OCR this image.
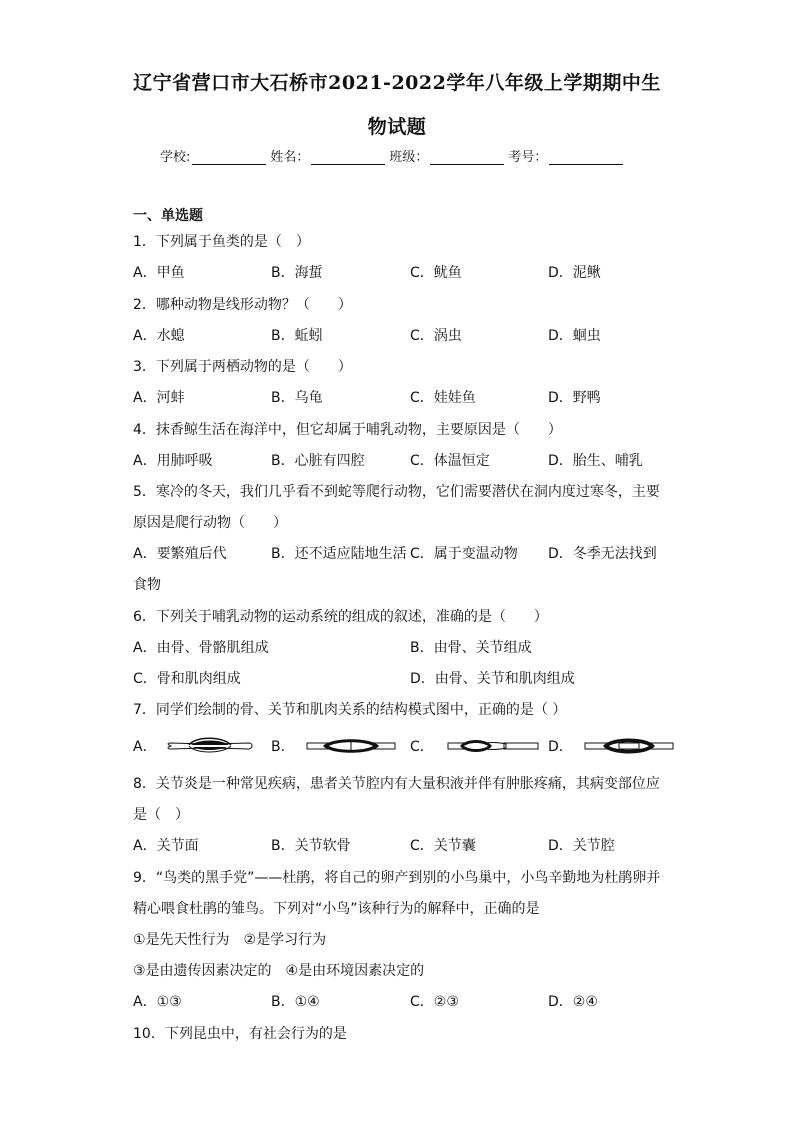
辽宁省营口市大石桥市2021-2022学年八年级上学期期中生
物试题
学校:	姓名：	班级：	考号：
一、单选题
1．下列属于鱼类的是（　）
A．甲鱼	B．海蜇	C．鱿鱼	D．泥鳅
2．哪种动物是线形动物？（　　）
A．水螅	B．蚯蚓	C．涡虫	D．蛔虫
3．下列属于两栖动物的是（　　）
A．河蚌	B．乌龟	C．娃娃鱼	D．野鸭
4．抹香鲸生活在海洋中，但它却属于哺乳动物，主要原因是（　　）
A．用肺呼吸	B．心脏有四腔	C．体温恒定	D．胎生、哺乳
5．寒冷的冬天，我们几乎看不到蛇等爬行动物，它们需要潜伏在洞内度过寒冬，主要
原因是爬行动物（　　）
A．要繁殖后代	B．还不适应陆地生活 C．属于变温动物 D．冬季无法找到
食物
6．下列关于哺乳动物的运动系统的组成的叙述，准确的是（　　）
A．由骨、骨骼肌组成	B．由骨、关节组成
C．骨和肌肉组成	D．由骨、关节和肌肉组成
7．同学们绘制的骨、关节和肌肉关系的结构模式图中，正确的是（ ）
A．	B．	C．	D．
8．关节炎是一种常见疾病，患者关节腔内有大量积液并伴有肿胀疼痛，其病变部位应
是（　）
A．关节面	B．关节软骨	C．关节囊	D．关节腔
9．“鸟类的黑手党”——杜鹃，将自己的卵产到别的小鸟巢中，小鸟辛勤地为杜鹃卵并
精心喂食杜鹃的雏鸟。下列对“小鸟”该种行为的解释中，正确的是
①是先天性行为　②是学习行为
③是由遗传因素决定的　④是由环境因素决定的
A．①③	B．①④	C．②③	D．②④
10．下列昆虫中，有社会行为的是
